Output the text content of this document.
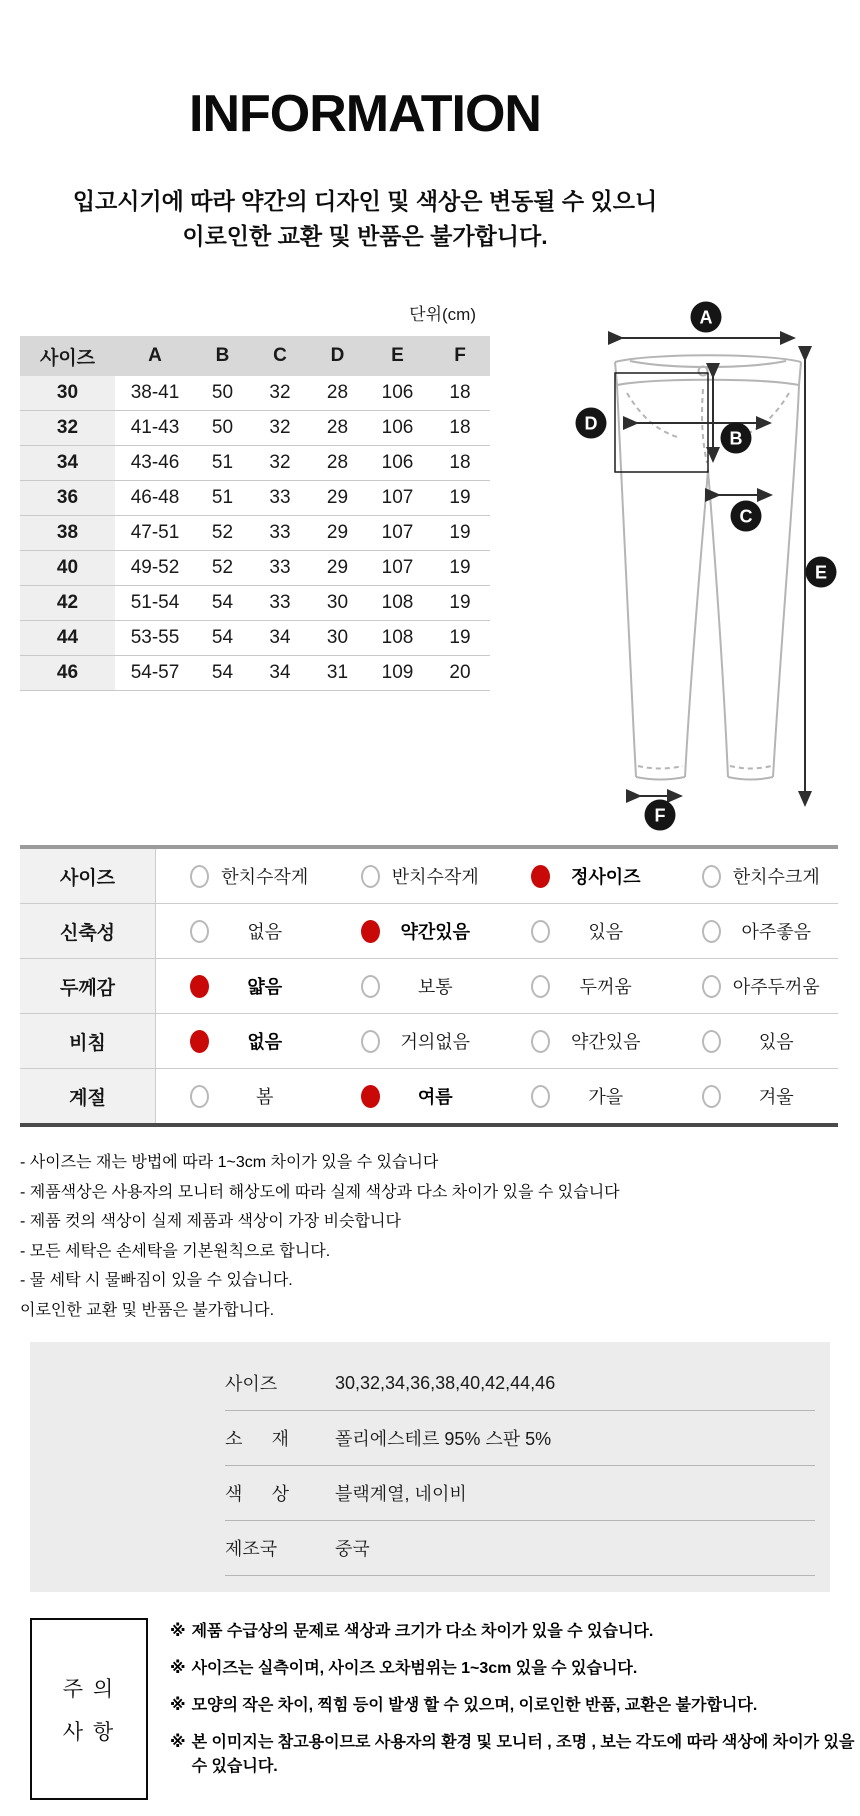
INFORMATION
입고시기에 따라 약간의 디자인 및 색상은 변동될 수 있으니
이로인한 교환 및 반품은 불가합니다.
단위(cm)
사이즈	A	B	C	D	E	F
30	38-41	50	32	28	106	18
32	41-43	50	32	28	106	18
34	43-46	51	32	28	106	18
36	46-48	51	33	29	107	19
38	47-51	52	33	29	107	19
40	49-52	52	33	29	107	19
42	51-54	54	33	30	108	19
44	53-55	54	34	30	108	19
46	54-57	54	34	31	109	20
A
D
B
C
E
F
사이즈	한치수작게	반치수작게	정사이즈	한치수크게
신축성	없음	약간있음	있음	아주좋음
두께감	얇음	보통	두꺼움	아주두꺼움
비침	없음	거의없음	약간있음	있음
계절	봄	여름	가을	겨울
- 사이즈는 재는 방법에 따라 1~3cm 차이가 있을 수 있습니다
- 제품색상은 사용자의 모니터 해상도에 따라 실제 색상과 다소 차이가 있을 수 있습니다
- 제품 컷의 색상이 실제 제품과 색상이 가장 비슷합니다
- 모든 세탁은 손세탁을 기본원칙으로 합니다.
- 물 세탁 시 물빠짐이 있을 수 있습니다.
이로인한 교환 및 반품은 불가합니다.
사이즈	30,32,34,36,38,40,42,44,46
소 재	폴리에스테르 95% 스판 5%
색 상	블랙계열, 네이비
제조국	중국
주 의
사 항
※ 제품 수급상의 문제로 색상과 크기가 다소 차이가 있을 수 있습니다.
※ 사이즈는 실측이며, 사이즈 오차범위는 1~3cm 있을 수 있습니다.
※ 모양의 작은 차이, 찍힘 등이 발생 할 수 있으며, 이로인한 반품, 교환은 불가합니다.
※ 본 이미지는 참고용이므로 사용자의 환경 및 모니터 , 조명 , 보는 각도에 따라 색상에 차이가 있을 수 있습니다.
